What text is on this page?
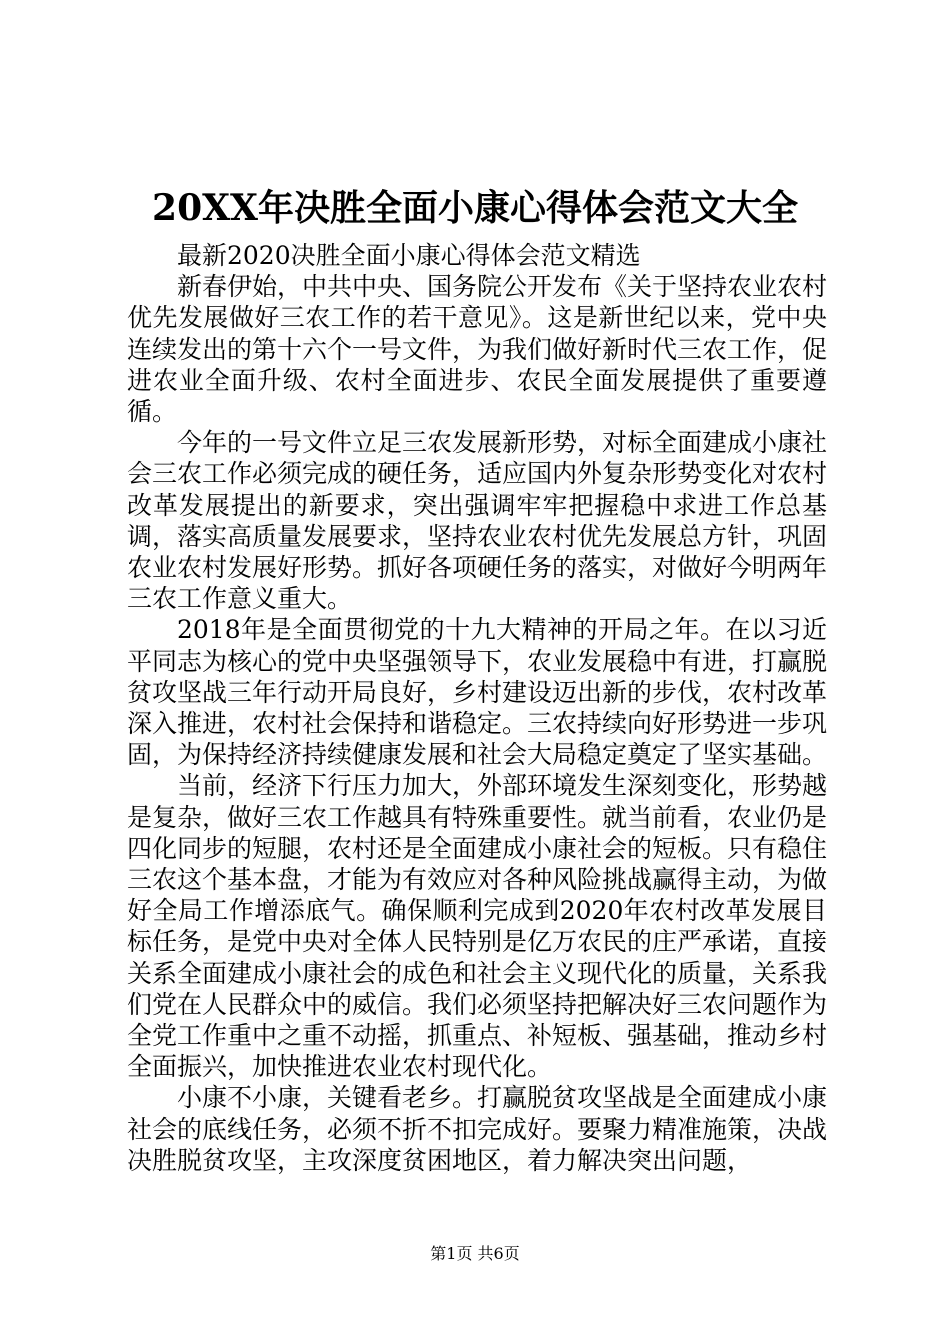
20XX年决胜全面小康心得体会范文大全

最新2020决胜全面小康心得体会范文精选

新春伊始，中共中央、国务院公开发布《关于坚持农业农村优先发展做好三农工作的若干意见》。这是新世纪以来，党中央连续发出的第十六个一号文件，为我们做好新时代三农工作，促进农业全面升级、农村全面进步、农民全面发展提供了重要遵循。

今年的一号文件立足三农发展新形势，对标全面建成小康社会三农工作必须完成的硬任务，适应国内外复杂形势变化对农村改革发展提出的新要求，突出强调牢牢把握稳中求进工作总基调，落实高质量发展要求，坚持农业农村优先发展总方针，巩固农业农村发展好形势。抓好各项硬任务的落实，对做好今明两年三农工作意义重大。

2018年是全面贯彻党的十九大精神的开局之年。在以习近平同志为核心的党中央坚强领导下，农业发展稳中有进，打赢脱贫攻坚战三年行动开局良好，乡村建设迈出新的步伐，农村改革深入推进，农村社会保持和谐稳定。三农持续向好形势进一步巩固，为保持经济持续健康发展和社会大局稳定奠定了坚实基础。

当前，经济下行压力加大，外部环境发生深刻变化，形势越是复杂，做好三农工作越具有特殊重要性。就当前看，农业仍是四化同步的短腿，农村还是全面建成小康社会的短板。只有稳住三农这个基本盘，才能为有效应对各种风险挑战赢得主动，为做好全局工作增添底气。确保顺利完成到2020年农村改革发展目标任务，是党中央对全体人民特别是亿万农民的庄严承诺，直接关系全面建成小康社会的成色和社会主义现代化的质量，关系我们党在人民群众中的威信。我们必须坚持把解决好三农问题作为全党工作重中之重不动摇，抓重点、补短板、强基础，推动乡村全面振兴，加快推进农业农村现代化。

小康不小康，关键看老乡。打赢脱贫攻坚战是全面建成小康社会的底线任务，必须不折不扣完成好。要聚力精准施策，决战决胜脱贫攻坚，主攻深度贫困地区，着力解决突出问题，

第1页 共6页
